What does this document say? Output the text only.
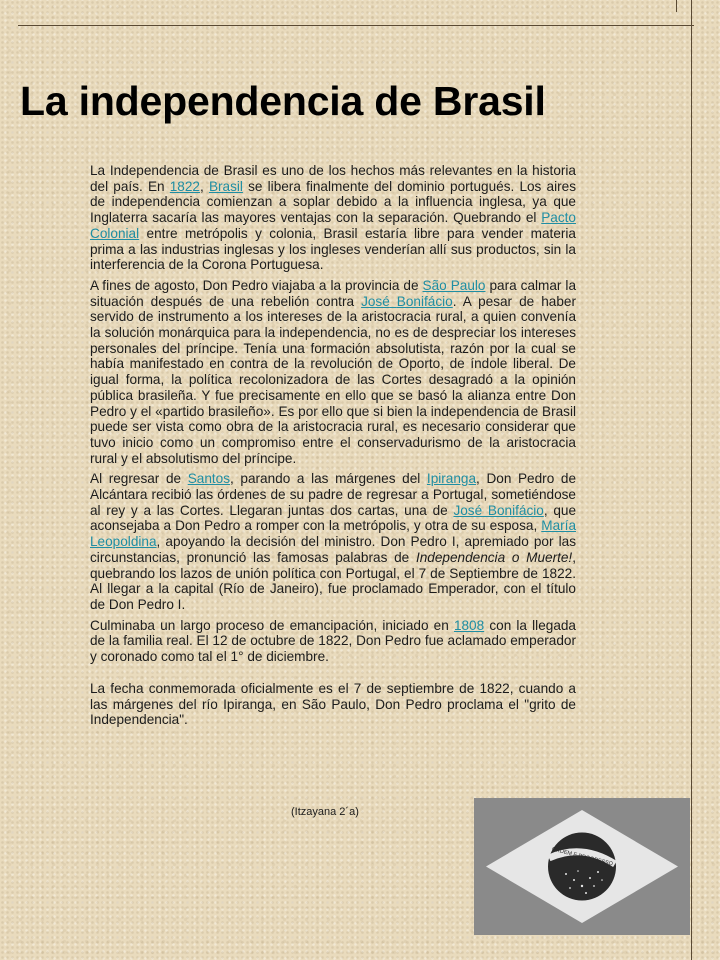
La independencia de Brasil

La Independencia de Brasil es uno de los hechos más relevantes en la historia del país. En 1822, Brasil se libera finalmente del dominio portugués. Los aires de independencia comienzan a soplar debido a la influencia inglesa, ya que Inglaterra sacaría las mayores ventajas con la separación. Quebrando el Pacto Colonial entre metrópolis y colonia, Brasil estaría libre para vender materia prima a las industrias inglesas y los ingleses venderían allí sus productos, sin la interferencia de la Corona Portuguesa.

A fines de agosto, Don Pedro viajaba a la provincia de São Paulo para calmar la situación después de una rebelión contra José Bonifácio. A pesar de haber servido de instrumento a los intereses de la aristocracia rural, a quien convenía la solución monárquica para la independencia, no es de despreciar los intereses personales del príncipe. Tenía una formación absolutista, razón por la cual se había manifestado en contra de la revolución de Oporto, de índole liberal. De igual forma, la política recolonizadora de las Cortes desagradó a la opinión pública brasileña. Y fue precisamente en ello que se basó la alianza entre Don Pedro y el «partido brasileño». Es por ello que si bien la independencia de Brasil puede ser vista como obra de la aristocracia rural, es necesario considerar que tuvo inicio como un compromiso entre el conservadurismo de la aristocracia rural y el absolutismo del príncipe.

Al regresar de Santos, parando a las márgenes del Ipiranga, Don Pedro de Alcántara recibió las órdenes de su padre de regresar a Portugal, sometiéndose al rey y a las Cortes. Llegaran juntas dos cartas, una de José Bonifácio, que aconsejaba a Don Pedro a romper con la metrópolis, y otra de su esposa, María Leopoldina, apoyando la decisión del ministro. Don Pedro I, apremiado por las circunstancias, pronunció las famosas palabras de Independencia o Muerte!, quebrando los lazos de unión política con Portugal, el 7 de Septiembre de 1822. Al llegar a la capital (Río de Janeiro), fue proclamado Emperador, con el título de Don Pedro I.

Culminaba un largo proceso de emancipación, iniciado en 1808 con la llegada de la familia real. El 12 de octubre de 1822, Don Pedro fue aclamado emperador y coronado como tal el 1° de diciembre.

La fecha conmemorada oficialmente es el 7 de septiembre de 1822, cuando a las márgenes del río Ipiranga, en São Paulo, Don Pedro proclama el "grito de Independencia".

(Itzayana 2´a)
ORDEM E PROGRESSO
